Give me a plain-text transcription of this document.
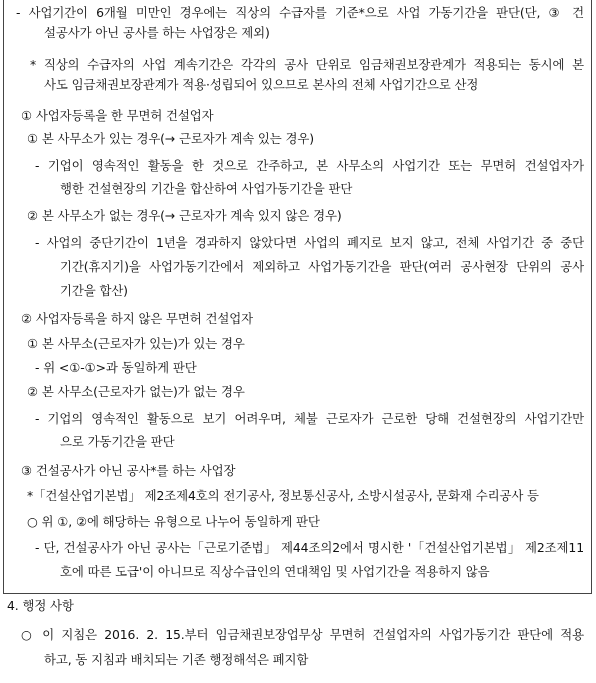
- 사업기간이 6개월 미만인 경우에는 직상의 수급자를 기준*으로 사업 가동기간을 판단(단, ③ 건
설공사가 아닌 공사를 하는 사업장은 제외)
* 직상의 수급자의 사업 계속기간은 각각의 공사 단위로 임금채권보장관계가 적용되는 동시에 본
사도 임금채권보장관계가 적용·성립되어 있으므로 본사의 전체 사업기간으로 산정
① 사업자등록을 한 무면허 건설업자
① 본 사무소가 있는 경우(→ 근로자가 계속 있는 경우)
- 기업이 영속적인 활동을 한 것으로 간주하고, 본 사무소의 사업기간 또는 무면허 건설업자가
행한 건설현장의 기간을 합산하여 사업가동기간을 판단
② 본 사무소가 없는 경우(→ 근로자가 계속 있지 않은 경우)
- 사업의 중단기간이 1년을 경과하지 않았다면 사업의 폐지로 보지 않고, 전체 사업기간 중 중단
기간(휴지기)을 사업가동기간에서 제외하고 사업가동기간을 판단(여러 공사현장 단위의 공사
기간을 합산)
② 사업자등록을 하지 않은 무면허 건설업자
① 본 사무소(근로자가 있는)가 있는 경우
- 위 <①-①>과 동일하게 판단
② 본 사무소(근로자가 없는)가 없는 경우
- 기업의 영속적인 활동으로 보기 어려우며, 체불 근로자가 근로한 당해 건설현장의 사업기간만
으로 가동기간을 판단
③ 건설공사가 아닌 공사*를 하는 사업장
*「건설산업기본법」 제2조제4호의 전기공사, 정보통신공사, 소방시설공사, 문화재 수리공사 등
○ 위 ①, ②에 해당하는 유형으로 나누어 동일하게 판단
- 단, 건설공사가 아닌 공사는「근로기준법」 제44조의2에서 명시한 '「건설산업기본법」 제2조제11
호에 따른 도급'이 아니므로 직상수급인의 연대책임 및 사업기간을 적용하지 않음
4. 행정 사항
○ 이 지침은 2016. 2. 15.부터 임금채권보장업무상 무면허 건설업자의 사업가동기간 판단에 적용
하고, 동 지침과 배치되는 기존 행정해석은 폐지함
